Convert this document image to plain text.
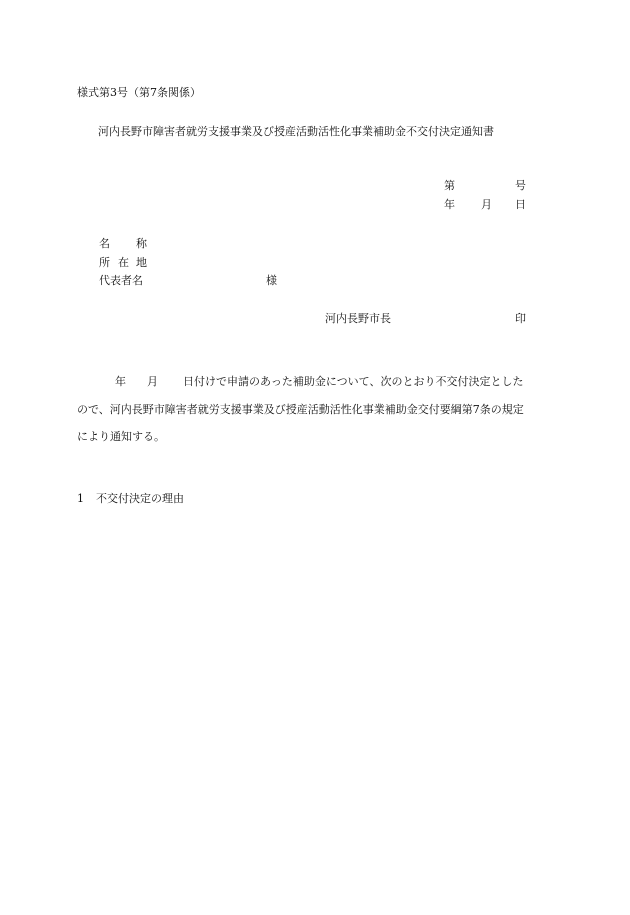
様式第3号（第7条関係）
河内長野市障害者就労支援事業及び授産活動活性化事業補助金不交付決定通知書
第	号
年 月 日
名 称
所 在 地
代表者名	様
河内長野市長	印
年 月 日付けで申請のあった補助金について、次のとおり不交付決定とした
ので、河内長野市障害者就労支援事業及び授産活動活性化事業補助金交付要綱第7条の規定
により通知する。
1 不交付決定の理由
